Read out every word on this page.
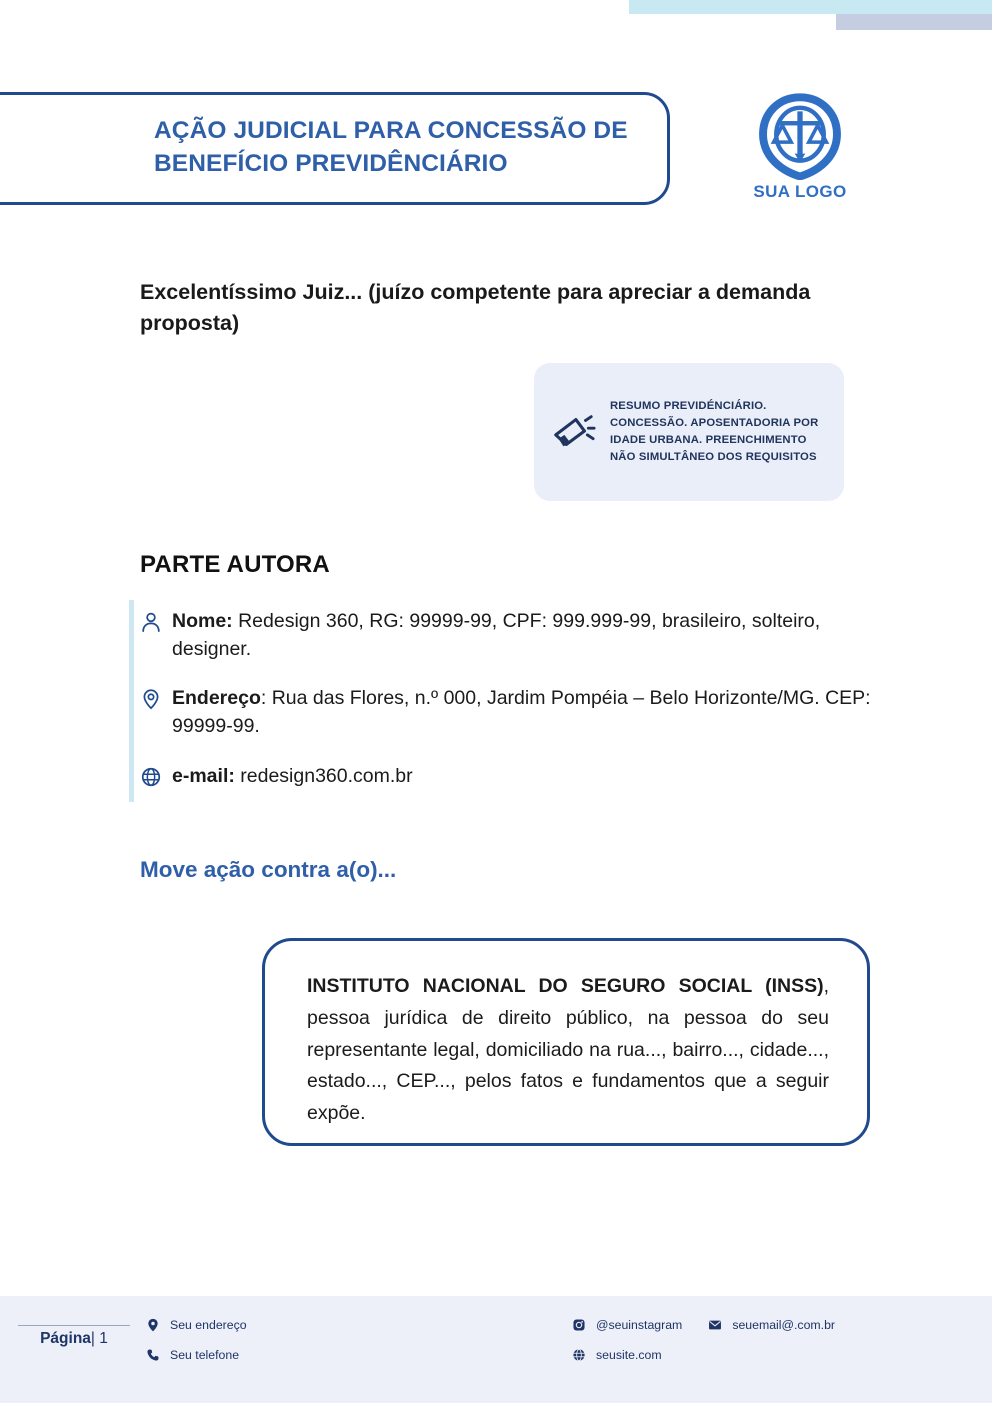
AÇÃO JUDICIAL PARA CONCESSÃO DE BENEFÍCIO PREVIDÊNCIÁRIO
SUA LOGO
Excelentíssimo Juiz... (juízo competente para apreciar a demanda proposta)
RESUMO PREVIDÉNCIÁRIO. CONCESSÃO. APOSENTADORIA POR IDADE URBANA. PREENCHIMENTO NÃO SIMULTÂNEO DOS REQUISITOS
PARTE AUTORA
Nome: Redesign 360, RG: 99999-99, CPF: 999.999-99, brasileiro, solteiro, designer.
Endereço: Rua das Flores, n.º 000, Jardim Pompéia – Belo Horizonte/MG. CEP: 99999-99.
e-mail: redesign360.com.br
Move ação contra a(o)...
INSTITUTO NACIONAL DO SEGURO SOCIAL (INSS), pessoa jurídica de direito público, na pessoa do seu representante legal, domiciliado na rua..., bairro..., cidade..., estado..., CEP..., pelos fatos e fundamentos que a seguir expõe.
Página| 1
Seu endereço
Seu telefone
@seuinstagram	seuemail@.com.br
seusite.com
